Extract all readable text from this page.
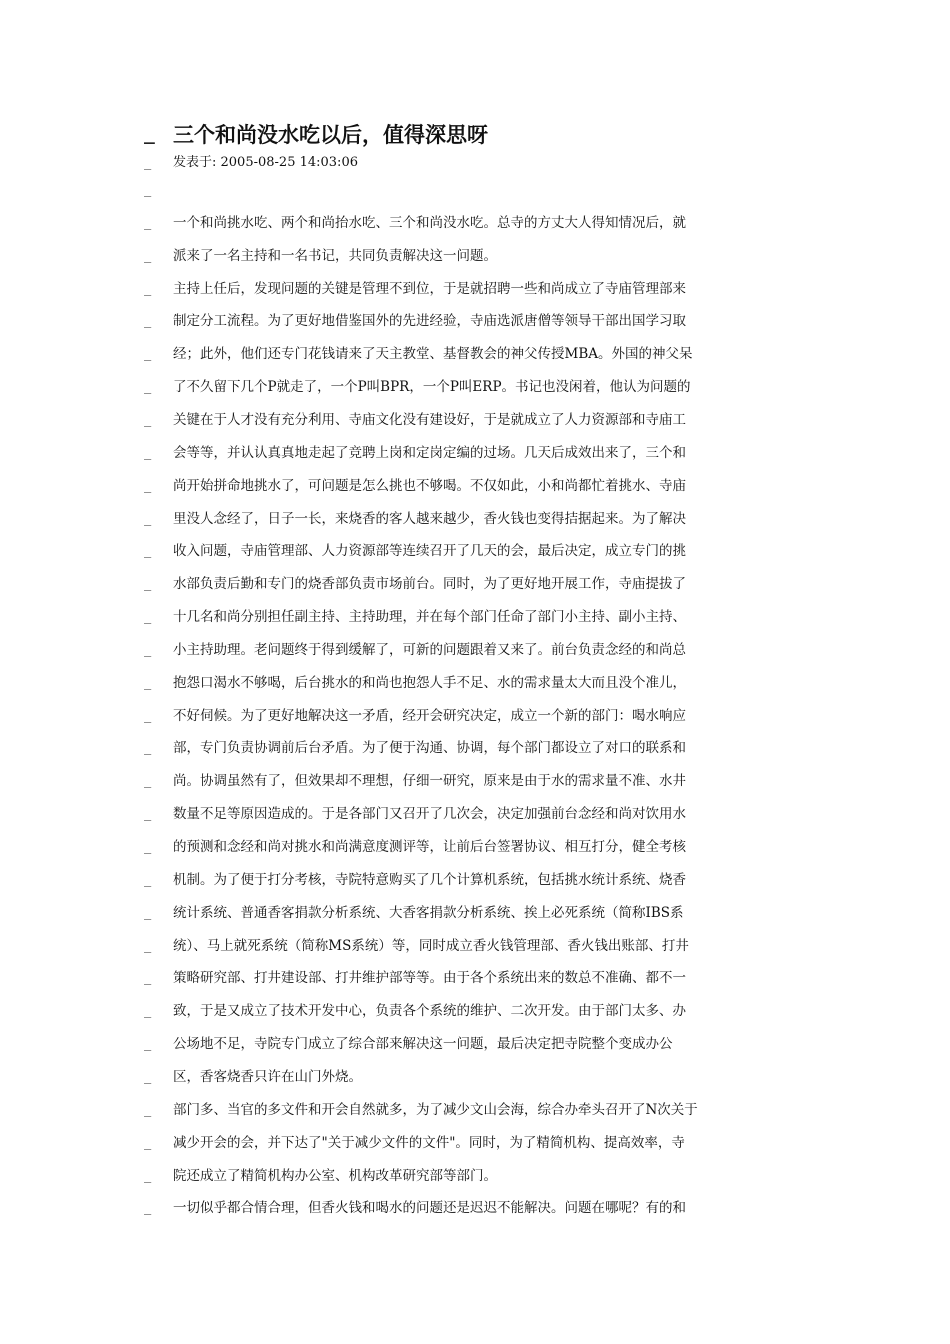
_ 三个和尚没水吃以后，值得深思呀
_ 发表于: 2005-08-25 14:03:06
_
_ 一个和尚挑水吃、两个和尚抬水吃、三个和尚没水吃。总寺的方丈大人得知情况后，就
_ 派来了一名主持和一名书记，共同负责解决这一问题。
_ 主持上任后，发现问题的关键是管理不到位，于是就招聘一些和尚成立了寺庙管理部来
_ 制定分工流程。为了更好地借鉴国外的先进经验，寺庙选派唐僧等领导干部出国学习取
_ 经；此外，他们还专门花钱请来了天主教堂、基督教会的神父传授MBA。外国的神父呆
_ 了不久留下几个P就走了，一个P叫BPR，一个P叫ERP。书记也没闲着，他认为问题的
_ 关键在于人才没有充分利用、寺庙文化没有建设好，于是就成立了人力资源部和寺庙工
_ 会等等，并认认真真地走起了竞聘上岗和定岗定编的过场。几天后成效出来了，三个和
_ 尚开始拼命地挑水了，可问题是怎么挑也不够喝。不仅如此，小和尚都忙着挑水、寺庙
_ 里没人念经了，日子一长，来烧香的客人越来越少，香火钱也变得拮据起来。为了解决
_ 收入问题，寺庙管理部、人力资源部等连续召开了几天的会，最后决定，成立专门的挑
_ 水部负责后勤和专门的烧香部负责市场前台。同时，为了更好地开展工作，寺庙提拔了
_ 十几名和尚分别担任副主持、主持助理，并在每个部门任命了部门小主持、副小主持、
_ 小主持助理。老问题终于得到缓解了，可新的问题跟着又来了。前台负责念经的和尚总
_ 抱怨口渴水不够喝，后台挑水的和尚也抱怨人手不足、水的需求量太大而且没个准儿，
_ 不好伺候。为了更好地解决这一矛盾，经开会研究决定，成立一个新的部门：喝水响应
_ 部，专门负责协调前后台矛盾。为了便于沟通、协调，每个部门都设立了对口的联系和
_ 尚。协调虽然有了，但效果却不理想，仔细一研究，原来是由于水的需求量不准、水井
_ 数量不足等原因造成的。于是各部门又召开了几次会，决定加强前台念经和尚对饮用水
_ 的预测和念经和尚对挑水和尚满意度测评等，让前后台签署协议、相互打分，健全考核
_ 机制。为了便于打分考核，寺院特意购买了几个计算机系统，包括挑水统计系统、烧香
_ 统计系统、普通香客捐款分析系统、大香客捐款分析系统、挨上必死系统（简称IBS系
_ 统）、马上就死系统（简称MS系统）等，同时成立香火钱管理部、香火钱出账部、打井
_ 策略研究部、打井建设部、打井维护部等等。由于各个系统出来的数总不准确、都不一
_ 致，于是又成立了技术开发中心，负责各个系统的维护、二次开发。由于部门太多、办
_ 公场地不足，寺院专门成立了综合部来解决这一问题，最后决定把寺院整个变成办公
_ 区，香客烧香只许在山门外烧。
_ 部门多、当官的多文件和开会自然就多，为了减少文山会海，综合办牵头召开了N次关于
_ 减少开会的会，并下达了"关于减少文件的文件"。同时，为了精简机构、提高效率，寺
_ 院还成立了精简机构办公室、机构改革研究部等部门。
_ 一切似乎都合情合理，但香火钱和喝水的问题还是迟迟不能解决。问题在哪呢？有的和
